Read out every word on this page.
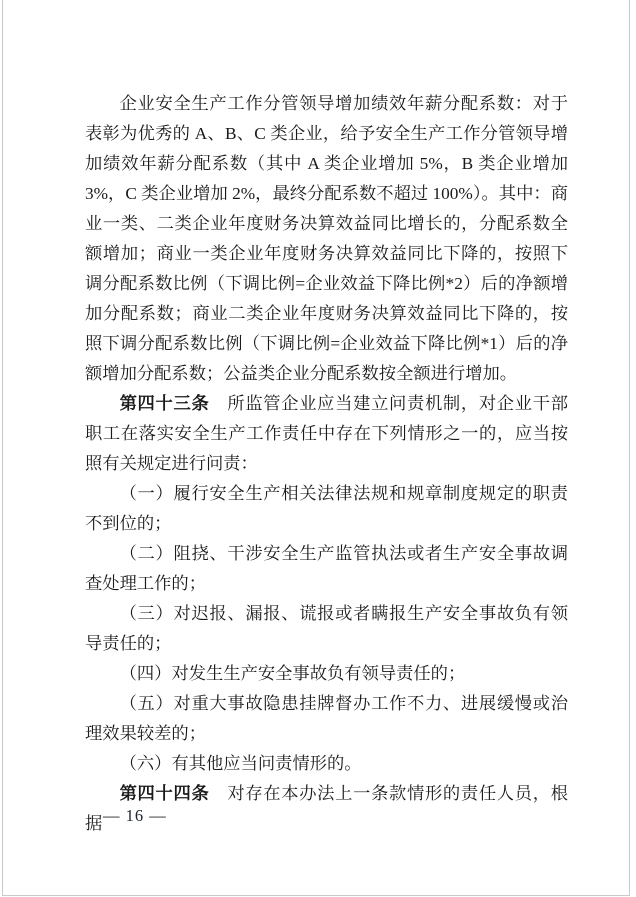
企业安全生产工作分管领导增加绩效年薪分配系数：对于表彰为优秀的 A、B、C 类企业，给予安全生产工作分管领导增加绩效年薪分配系数（其中 A 类企业增加 5%，B 类企业增加 3%，C 类企业增加 2%，最终分配系数不超过 100%）。其中：商业一类、二类企业年度财务决算效益同比增长的，分配系数全额增加；商业一类企业年度财务决算效益同比下降的，按照下调分配系数比例（下调比例=企业效益下降比例*2）后的净额增加分配系数；商业二类企业年度财务决算效益同比下降的，按照下调分配系数比例（下调比例=企业效益下降比例*1）后的净额增加分配系数；公益类企业分配系数按全额进行增加。

第四十三条　所监管企业应当建立问责机制，对企业干部职工在落实安全生产工作责任中存在下列情形之一的，应当按照有关规定进行问责：

（一）履行安全生产相关法律法规和规章制度规定的职责不到位的；

（二）阻挠、干涉安全生产监管执法或者生产安全事故调查处理工作的；

（三）对迟报、漏报、谎报或者瞒报生产安全事故负有领导责任的；

（四）对发生生产安全事故负有领导责任的；

（五）对重大事故隐患挂牌督办工作不力、进展缓慢或治理效果较差的；

（六）有其他应当问责情形的。

第四十四条　对存在本办法上一条款情形的责任人员，根据 — 16 —
